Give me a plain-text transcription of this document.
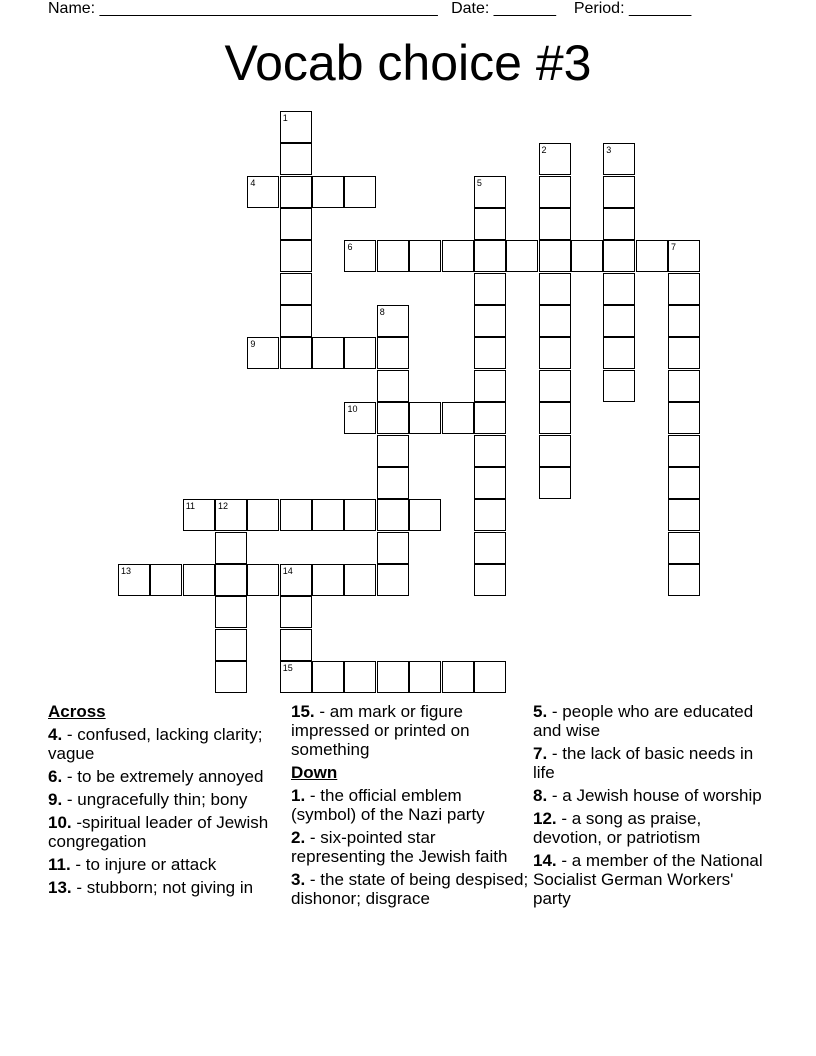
Name: ______________________________________ Date: _______ Period: _______
Vocab choice #3
1
2	3
4	5
6	7
8
9
10
11	12
13	14
15
Across
4. - confused, lacking clarity; vague
6. - to be extremely annoyed
9. - ungracefully thin; bony
10. -spiritual leader of Jewish congregation
11. - to injure or attack
13. - stubborn; not giving in
15. - am mark or figure impressed or printed on something
Down
1. - the official emblem (symbol) of the Nazi party
2. - six-pointed star representing the Jewish faith
3. - the state of being despised; dishonor; disgrace
5. - people who are educated and wise
7. - the lack of basic needs in life
8. - a Jewish house of worship
12. - a song as praise, devotion, or patriotism
14. - a member of the National Socialist German Workers' party
